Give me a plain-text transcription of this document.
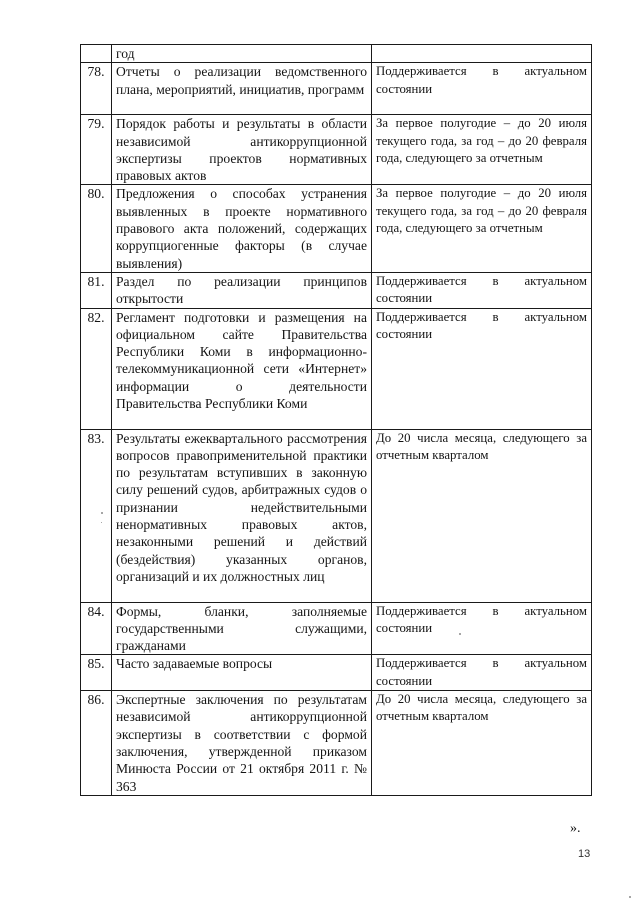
	год	
78.	Отчеты о реализации ведомственного плана, мероприятий, инициатив, программ	Поддерживается в актуальном состоянии
79.	Порядок работы и результаты в области независимой антикоррупционной экспертизы проектов нормативных правовых актов	За первое полугодие – до 20 июля текущего года, за год – до 20 февраля года, следующего за отчетным
80.	Предложения о способах устранения выявленных в проекте нормативного правового акта положений, содержащих коррупциогенные факторы (в случае выявления)	За первое полугодие – до 20 июля текущего года, за год – до 20 февраля года, следующего за отчетным
81.	Раздел по реализации принципов открытости	Поддерживается в актуальном состоянии
82.	Регламент подготовки и размещения на официальном сайте Правительства Республики Коми в информационно-телекоммуникационной сети «Интернет» информации о деятельности Правительства Республики Коми	Поддерживается в актуальном состоянии
83.	Результаты ежеквартального рассмотрения вопросов правоприменительной практики по результатам вступивших в законную силу решений судов, арбитражных судов о признании недействительными ненормативных правовых актов, незаконными решений и действий (бездействия) указанных органов, организаций и их должностных лиц	До 20 числа месяца, следующего за отчетным кварталом
84.	Формы, бланки, заполняемые государственными служащими, гражданами	Поддерживается в актуальном состоянии
85.	Часто задаваемые вопросы	Поддерживается в актуальном состоянии
86.	Экспертные заключения по результатам независимой антикоррупционной экспертизы в соответствии с формой заключения, утвержденной приказом Минюста России от 21 октября 2011 г. № 363	До 20 числа месяца, следующего за отчетным кварталом
».
13
